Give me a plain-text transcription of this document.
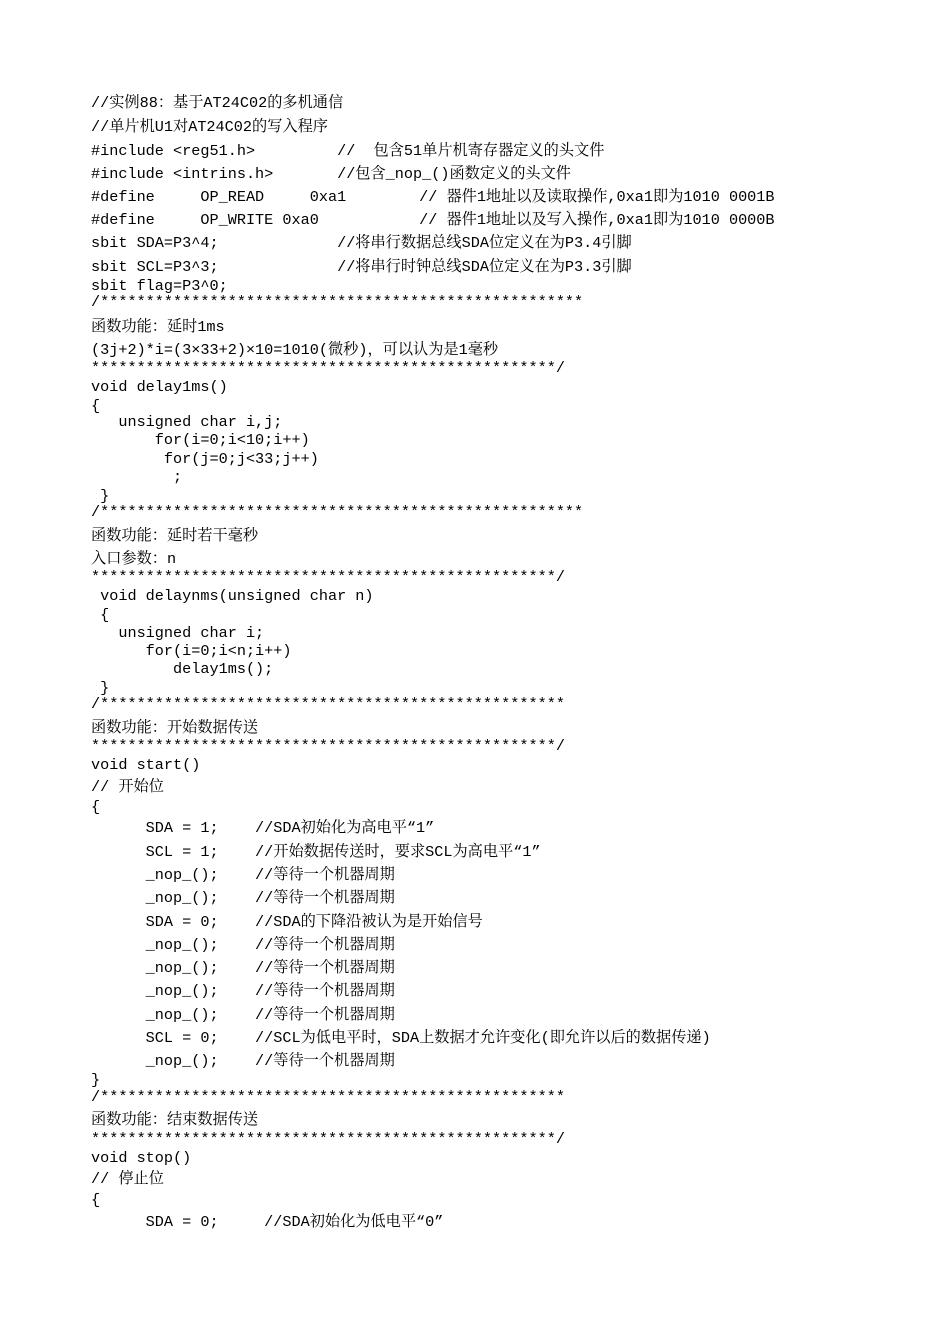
//实例88：基于AT24C02的多机通信
//单片机U1对AT24C02的写入程序
#include <reg51.h>         //  包含51单片机寄存器定义的头文件
#include <intrins.h>       //包含_nop_()函数定义的头文件
#define     OP_READ     0xa1        // 器件1地址以及读取操作,0xa1即为1010 0001B
#define     OP_WRITE 0xa0           // 器件1地址以及写入操作,0xa1即为1010 0000B
sbit SDA=P3^4;             //将串行数据总线SDA位定义在为P3.4引脚
sbit SCL=P3^3;             //将串行时钟总线SDA位定义在为P3.3引脚
sbit flag=P3^0;
/*****************************************************
函数功能：延时1ms
(3j+2)*i=(3×33+2)×10=1010(微秒)，可以认为是1毫秒
***************************************************/
void delay1ms()
{
unsigned char i,j;
for(i=0;i<10;i++)
for(j=0;j<33;j++)
;
}
/*****************************************************
函数功能：延时若干毫秒
入口参数：n
***************************************************/
void delaynms(unsigned char n)
{
unsigned char i;
for(i=0;i<n;i++)
delay1ms();
}
/***************************************************
函数功能：开始数据传送
***************************************************/
void start()
// 开始位
{
SDA = 1;    //SDA初始化为高电平“1”
SCL = 1;    //开始数据传送时，要求SCL为高电平“1”
_nop_();    //等待一个机器周期
_nop_();    //等待一个机器周期
SDA = 0;    //SDA的下降沿被认为是开始信号
_nop_();    //等待一个机器周期
_nop_();    //等待一个机器周期
_nop_();    //等待一个机器周期
_nop_();    //等待一个机器周期
SCL = 0;    //SCL为低电平时，SDA上数据才允许变化(即允许以后的数据传递)
_nop_();    //等待一个机器周期
}
/***************************************************
函数功能：结束数据传送
***************************************************/
void stop()
// 停止位
{
SDA = 0;     //SDA初始化为低电平“0”
